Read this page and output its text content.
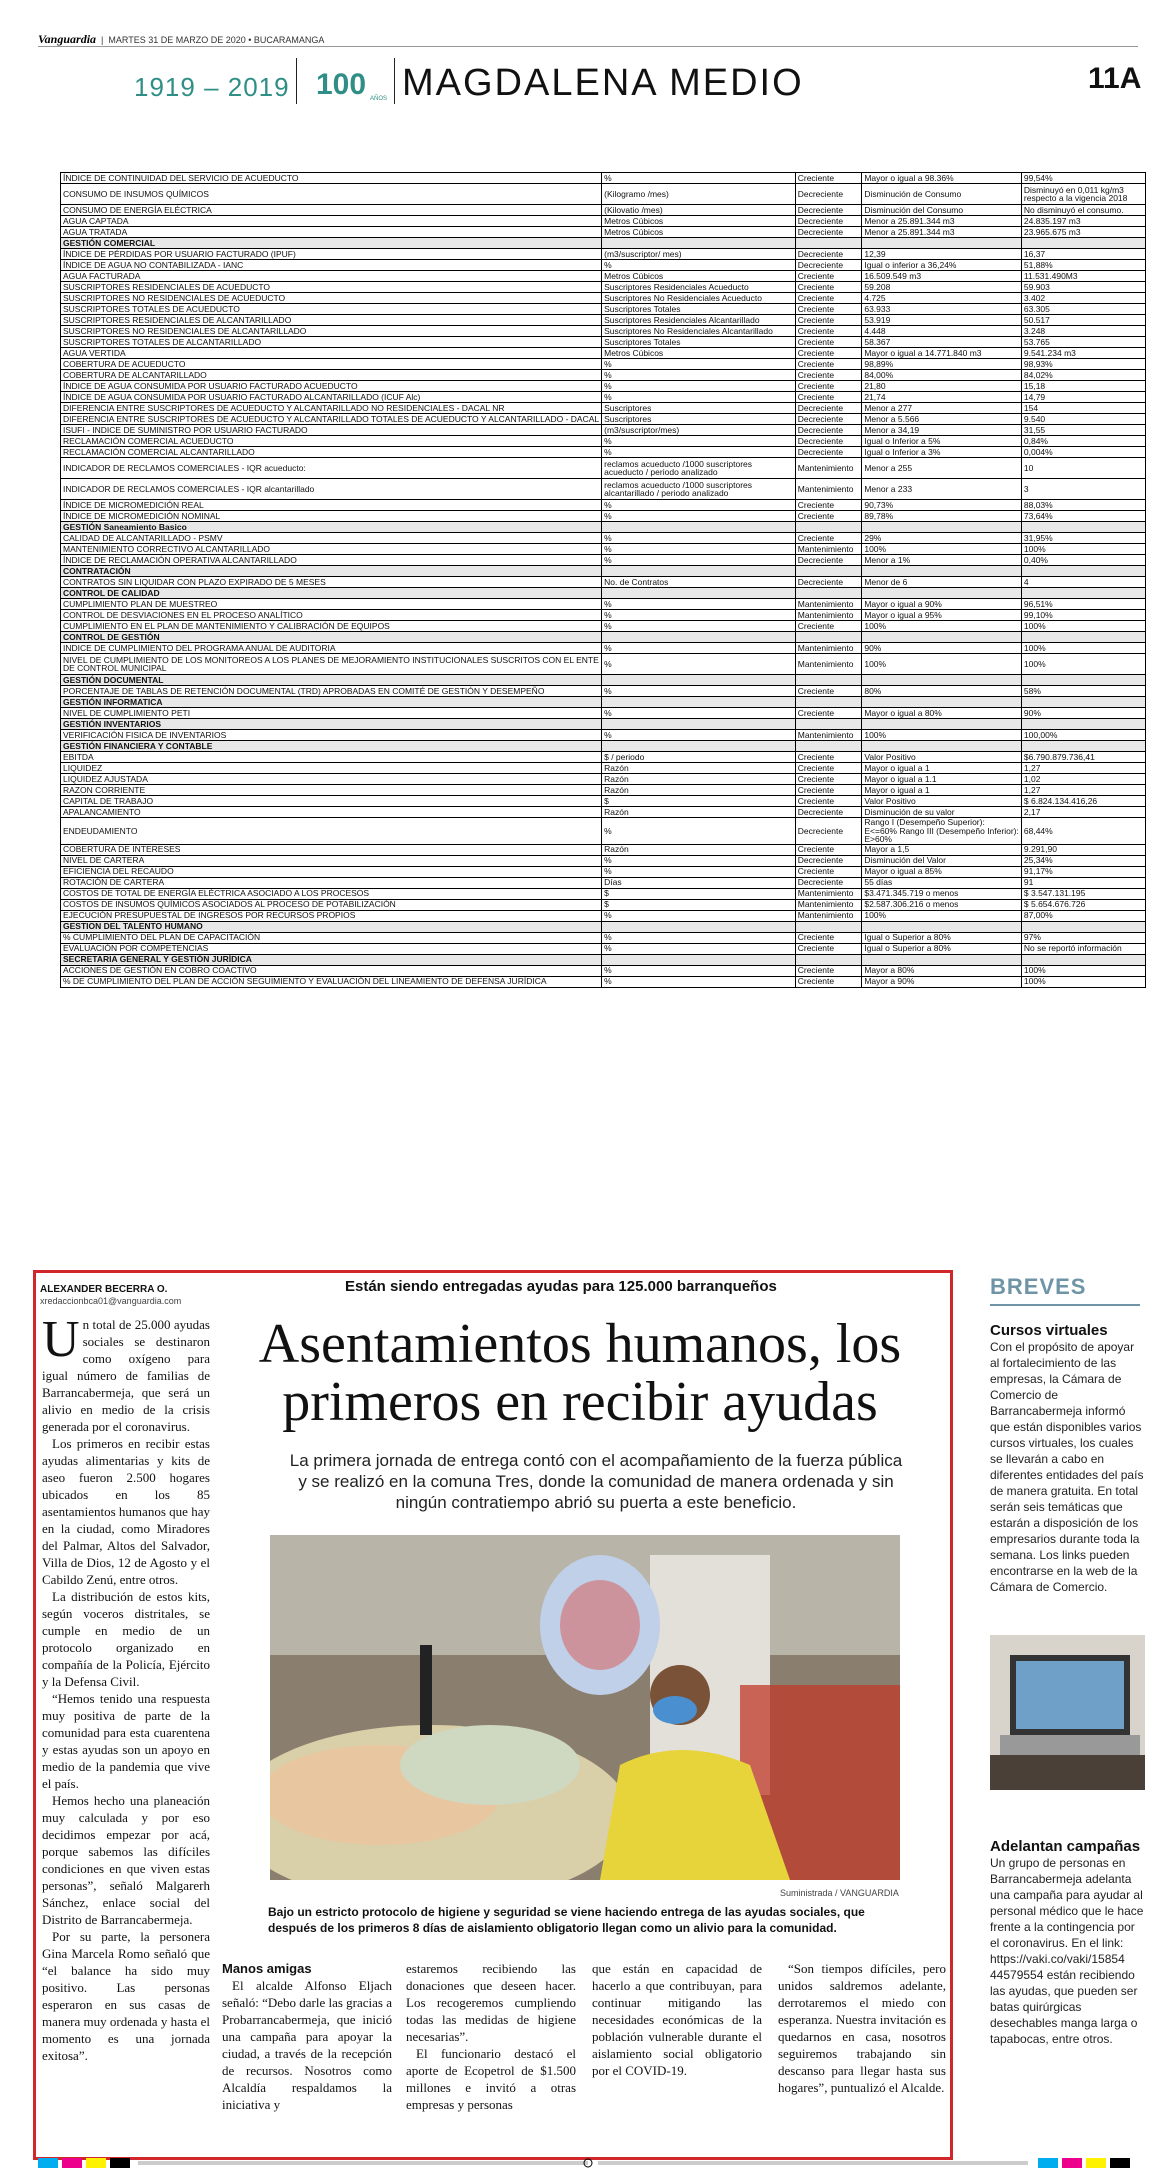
Vanguardia  |  MARTES 31 DE MARZO DE 2020 • BUCARAMANGA
1919 – 2019 100 AÑOS MAGDALENA MEDIO	11A
ÍNDICE DE CONTINUIDAD DEL SERVICIO DE ACUEDUCTO	%	Creciente	Mayor o igual a 98.36%	99,54%
CONSUMO DE INSUMOS QUÍMICOS	(Kilogramo /mes)	Decreciente	Disminución de Consumo	Disminuyó en 0,011 kg/m3 respecto a la vigencia 2018
CONSUMO DE ENERGÍA ELÉCTRICA	(Kilovatio /mes)	Decreciente	Disminución del Consumo	No disminuyó el consumo.
AGUA CAPTADA	Metros Cúbicos	Decreciente	Menor a 25.891.344 m3	24.835.197 m3
AGUA TRATADA	Metros Cúbicos	Decreciente	Menor a 25.891.344 m3	23.965.675 m3
GESTIÓN COMERCIAL				
ÍNDICE DE PÉRDIDAS POR USUARIO FACTURADO (IPUF)	(m3/suscriptor/ mes)	Decreciente	12,39	16,37
ÍNDICE DE AGUA NO CONTABILIZADA - IANC	%	Decreciente	Igual o inferior a 36,24%	51,88%
AGUA FACTURADA	Metros Cúbicos	Creciente	16.509.549 m3	11.531.490M3
SUSCRIPTORES RESIDENCIALES DE ACUEDUCTO	Suscriptores Residenciales Acueducto	Creciente	59.208	59.903
SUSCRIPTORES NO RESIDENCIALES DE ACUEDUCTO	Suscriptores No Residenciales Acueducto	Creciente	4.725	3.402
SUSCRIPTORES TOTALES DE ACUEDUCTO	Suscriptores Totales	Creciente	63.933	63.305
SUSCRIPTORES RESIDENCIALES DE ALCANTARILLADO	Suscriptores Residenciales Alcantarillado	Creciente	53.919	50.517
SUSCRIPTORES NO RESIDENCIALES DE ALCANTARILLADO	Suscriptores No Residenciales Alcantarillado	Creciente	4.448	3.248
SUSCRIPTORES TOTALES DE ALCANTARILLADO	Suscriptores Totales	Creciente	58.367	53.765
AGUA VERTIDA	Metros Cúbicos	Creciente	Mayor o igual a 14.771.840 m3	9.541.234 m3
COBERTURA DE ACUEDUCTO	%	Creciente	98,89%	98,93%
COBERTURA DE ALCANTARILLADO	%	Creciente	84,00%	84,02%
ÍNDICE DE AGUA CONSUMIDA POR USUARIO FACTURADO ACUEDUCTO	%	Creciente	21,80	15,18
ÍNDICE DE AGUA CONSUMIDA POR USUARIO FACTURADO ALCANTARILLADO (ICUF Alc)	%	Creciente	21,74	14,79
DIFERENCIA ENTRE SUSCRIPTORES DE ACUEDUCTO Y ALCANTARILLADO NO RESIDENCIALES - DACAL NR	Suscriptores	Decreciente	Menor a 277	154
DIFERENCIA ENTRE SUSCRIPTORES DE ACUEDUCTO Y ALCANTARILLADO TOTALES DE ACUEDUCTO Y ALCANTARILLADO - DACAL	Suscriptores	Decreciente	Menor a 5.566	9.540
ISUFI - INDICE DE SUMINISTRO POR USUARIO FACTURADO	(m3/suscriptor/mes)	Decreciente	Menor a 34,19	31,55
RECLAMACIÓN COMERCIAL ACUEDUCTO	%	Decreciente	Igual o Inferior a 5%	0,84%
RECLAMACIÓN COMERCIAL ALCANTARILLADO	%	Decreciente	Igual o Inferior a 3%	0,004%
INDICADOR DE RECLAMOS COMERCIALES - IQR acueducto:	reclamos acueducto /1000 suscriptores acueducto / periodo analizado	Mantenimiento	Menor a 255	10
INDICADOR DE RECLAMOS COMERCIALES - IQR alcantarillado	reclamos acueducto /1000 suscriptores alcantarillado / periodo analizado	Mantenimiento	Menor a 233	3
ÍNDICE DE MICROMEDICIÓN REAL	%	Creciente	90,73%	88,03%
ÍNDICE DE MICROMEDICIÓN NOMINAL	%	Creciente	89,78%	73,64%
GESTIÓN Saneamiento Basico				
CALIDAD DE ALCANTARILLADO - PSMV	%	Creciente	29%	31,95%
MANTENIMIENTO CORRECTIVO ALCANTARILLADO	%	Mantenimiento	100%	100%
ÍNDICE DE RECLAMACIÓN OPERATIVA ALCANTARILLADO	%	Decreciente	Menor a 1%	0,40%
CONTRATACIÓN				
CONTRATOS SIN LIQUIDAR CON PLAZO EXPIRADO DE 5 MESES	No. de Contratos	Decreciente	Menor de 6	4
CONTROL DE CALIDAD				
CUMPLIMIENTO PLAN DE MUESTREO	%	Mantenimiento	Mayor o igual a 90%	96,51%
CONTROL DE DESVIACIONES EN EL PROCESO ANALÍTICO	%	Mantenimiento	Mayor o igual a 95%	99,10%
CUMPLIMIENTO EN EL PLAN DE MANTENIMIENTO Y CALIBRACIÓN DE EQUIPOS	%	Creciente	100%	100%
CONTROL DE GESTIÓN				
INDICE DE CUMPLIMIENTO DEL PROGRAMA ANUAL DE AUDITORIA	%	Mantenimiento	90%	100%
NIVEL DE CUMPLIMIENTO DE LOS MONITOREOS A LOS PLANES DE MEJORAMIENTO INSTITUCIONALES SUSCRITOS CON EL ENTE DE CONTROL MUNICIPAL	%	Mantenimiento	100%	100%
GESTIÓN DOCUMENTAL				
PORCENTAJE DE TABLAS DE RETENCIÓN DOCUMENTAL (TRD) APROBADAS EN COMITÉ DE GESTIÓN Y DESEMPEÑO	%	Creciente	80%	58%
GESTIÓN INFORMATICA				
NIVEL DE CUMPLIMIENTO PETI	%	Creciente	Mayor o igual a 80%	90%
GESTIÓN INVENTARIOS				
VERIFICACIÓN FISICA DE INVENTARIOS	%	Mantenimiento	100%	100,00%
GESTIÓN FINANCIERA Y CONTABLE				
EBITDA	$ / periodo	Creciente	Valor Positivo	$6.790.879.736,41
LIQUIDEZ	Razón	Creciente	Mayor o igual a 1	1,27
LIQUIDEZ AJUSTADA	Razón	Creciente	Mayor o igual a 1.1	1,02
RAZON CORRIENTE	Razón	Creciente	Mayor o igual a 1	1,27
CAPITAL DE TRABAJO	$	Creciente	Valor Positivo	$ 6.824.134.416,26
APALANCAMIENTO	Razón	Decreciente	Disminución de su valor	2,17
ENDEUDAMIENTO	%	Decreciente	Rango I (Desempeño Superior): E<=60% Rango III (Desempeño Inferior): E>60%	68,44%
COBERTURA DE INTERESES	Razón	Creciente	Mayor a 1,5	9.291,90
NIVEL DE CARTERA	%	Decreciente	Disminución del Valor	25,34%
EFICIENCIA DEL RECAUDO	%	Creciente	Mayor o igual a 85%	91,17%
ROTACIÓN DE CARTERA	Días	Decreciente	55 días	91
COSTOS DE TOTAL DE ENERGÍA ELÉCTRICA ASOCIADO A LOS PROCESOS	$	Mantenimiento	$3.471.345.719 o menos	$ 3.547.131.195
COSTOS DE INSUMOS QUÍMICOS ASOCIADOS AL PROCESO DE POTABILIZACIÓN	$	Mantenimiento	$2.587.306.216 o menos	$ 5.654.676.726
EJECUCIÓN PRESUPUESTAL DE INGRESOS POR RECURSOS PROPIOS	%	Mantenimiento	100%	87,00%
GESTION DEL TALENTO HUMANO				
% CUMPLIMIENTO DEL PLAN DE CAPACITACIÓN	%	Creciente	Igual o Superior a 80%	97%
EVALUACIÓN POR COMPETENCIAS	%	Creciente	Igual o Superior a 80%	No se reportó información
SECRETARIA GENERAL Y GESTIÓN JURÍDICA				
ACCIONES DE GESTIÓN EN COBRO COACTIVO	%	Creciente	Mayor a 80%	100%
% DE CUMPLIMIENTO DEL PLAN DE ACCIÓN SEGUIMIENTO Y EVALUACIÓN DEL LINEAMIENTO DE DEFENSA JURÍDICA	%	Creciente	Mayor a 90%	100%
ALEXANDER BECERRA O.
xredaccionbca01@vanguardia.com
Están siendo entregadas ayudas para 125.000 barranqueños
Asentamientos humanos, los primeros en recibir ayudas
La primera jornada de entrega contó con el acompañamiento de la fuerza pública y se realizó en la comuna Tres, donde la comunidad de manera ordenada y sin ningún contratiempo abrió su puerta a este beneficio.
Suministrada / VANGUARDIA
Bajo un estricto protocolo de higiene y seguridad se viene haciendo entrega de las ayudas sociales, que después de los primeros 8 días de aislamiento obligatorio llegan como un alivio para la comunidad.
U n total de 25.000 ayudas sociales se destinaron como oxígeno para igual número de familias de Barrancabermeja, que será un alivio en medio de la crisis generada por el coronavirus.

Los primeros en recibir estas ayudas alimentarias y kits de aseo fueron 2.500 hogares ubicados en los 85 asentamientos humanos que hay en la ciudad, como Miradores del Palmar, Altos del Salvador, Villa de Dios, 12 de Agosto y el Cabildo Zenú, entre otros.

La distribución de estos kits, según voceros distritales, se cumple en medio de un protocolo organizado en compañía de la Policía, Ejército y la Defensa Civil.

“Hemos tenido una respuesta muy positiva de parte de la comunidad para esta cuarentena y estas ayudas son un apoyo en medio de la pandemia que vive el país.

Hemos hecho una planeación muy calculada y por eso decidimos empezar por acá, porque sabemos las difíciles condiciones en que viven estas personas”, señaló Malgarerh Sánchez, enlace social del Distrito de Barrancabermeja.

Por su parte, la personera Gina Marcela Romo señaló que “el balance ha sido muy positivo. Las personas esperaron en sus casas de manera muy ordenada y hasta el momento es una jornada exitosa”.

Manos amigas

El alcalde Alfonso Eljach señaló: “Debo darle las gracias a Probarrancabermeja, que inició una campaña para apoyar la ciudad, a través de la recepción de recursos. Nosotros como Alcaldía respaldamos la iniciativa y

estaremos recibiendo las donaciones que deseen hacer. Los recogeremos cumpliendo todas las medidas de higiene necesarias”.

El funcionario destacó el aporte de Ecopetrol de $1.500 millones e invitó a otras empresas y personas

que están en capacidad de hacerlo a que contribuyan, para continuar mitigando las necesidades económicas de la población vulnerable durante el aislamiento social obligatorio por el COVID-19.

“Son tiempos difíciles, pero unidos saldremos adelante, derrotaremos el miedo con esperanza. Nuestra invitación es quedarnos en casa, nosotros seguiremos trabajando sin descanso para llegar hasta sus hogares”, puntualizó el Alcalde.

BREVES
Cursos virtuales
Con el propósito de apoyar al fortalecimiento de las empresas, la Cámara de Comercio de Barrancabermeja informó que están disponibles varios cursos virtuales, los cuales se llevarán a cabo en diferentes entidades del país de manera gratuita. En total serán seis temáticas que estarán a disposición de los empresarios durante toda la semana. Los links pueden encontrarse en la web de la Cámara de Comercio.
Adelantan campañas
Un grupo de personas en Barrancabermeja adelanta una campaña para ayudar al personal médico que le hace frente a la contingencia por el coronavirus. En el link: https://vaki.co/vaki/15854 44579554 están recibiendo las ayudas, que pueden ser batas quirúrgicas desechables manga larga o tapabocas, entre otros.
